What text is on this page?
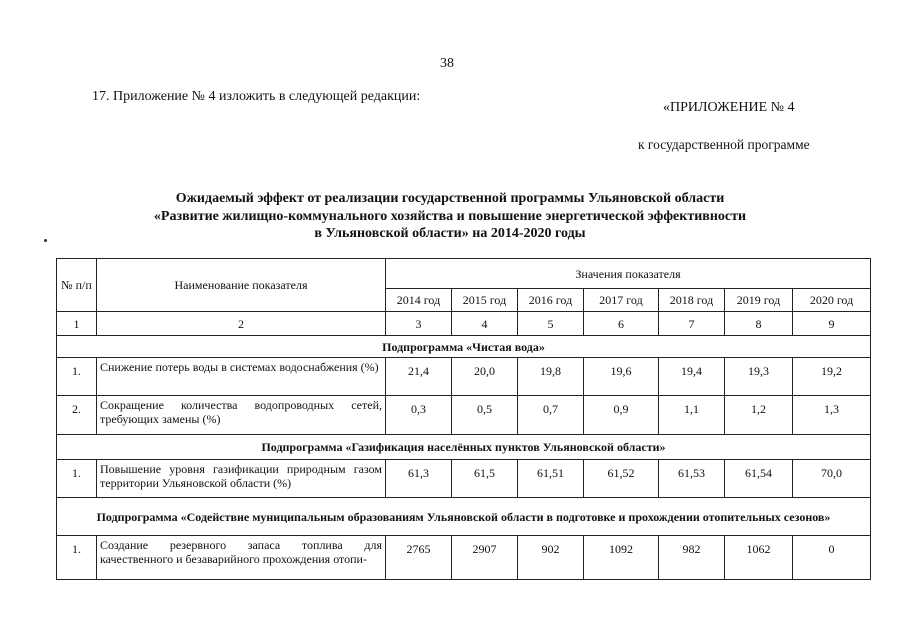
38
17. Приложение № 4 изложить в следующей редакции:
«ПРИЛОЖЕНИЕ № 4
к государственной программе
Ожидаемый эффект от реализации государственной программы Ульяновской области
«Развитие жилищно-коммунального хозяйства и повышение энергетической эффективности
в Ульяновской области» на 2014-2020 годы
№ п/п	Наименование показателя	Значения показателя						
		2014 год	2015 год	2016 год	2017 год	2018 год	2019 год	2020 год
1	2	3	4	5	6	7	8	9
Подпрограмма «Чистая вода»								
1.	Снижение потерь воды в системах водоснабжения (%)	21,4	20,0	19,8	19,6	19,4	19,3	19,2
2.	Сокращение количества водопроводных сетей, требующих замены (%)	0,3	0,5	0,7	0,9	1,1	1,2	1,3
Подпрограмма «Газификация населённых пунктов Ульяновской области»								
1.	Повышение уровня газификации природным газом территории Ульяновской области (%)	61,3	61,5	61,51	61,52	61,53	61,54	70,0
Подпрограмма «Содействие муниципальным образованиям Ульяновской области в подготовке и прохождении отопительных сезонов»								
1.	Создание резервного запаса топлива для качественного и безаварийного прохождения отопи-	2765	2907	902	1092	982	1062	0
